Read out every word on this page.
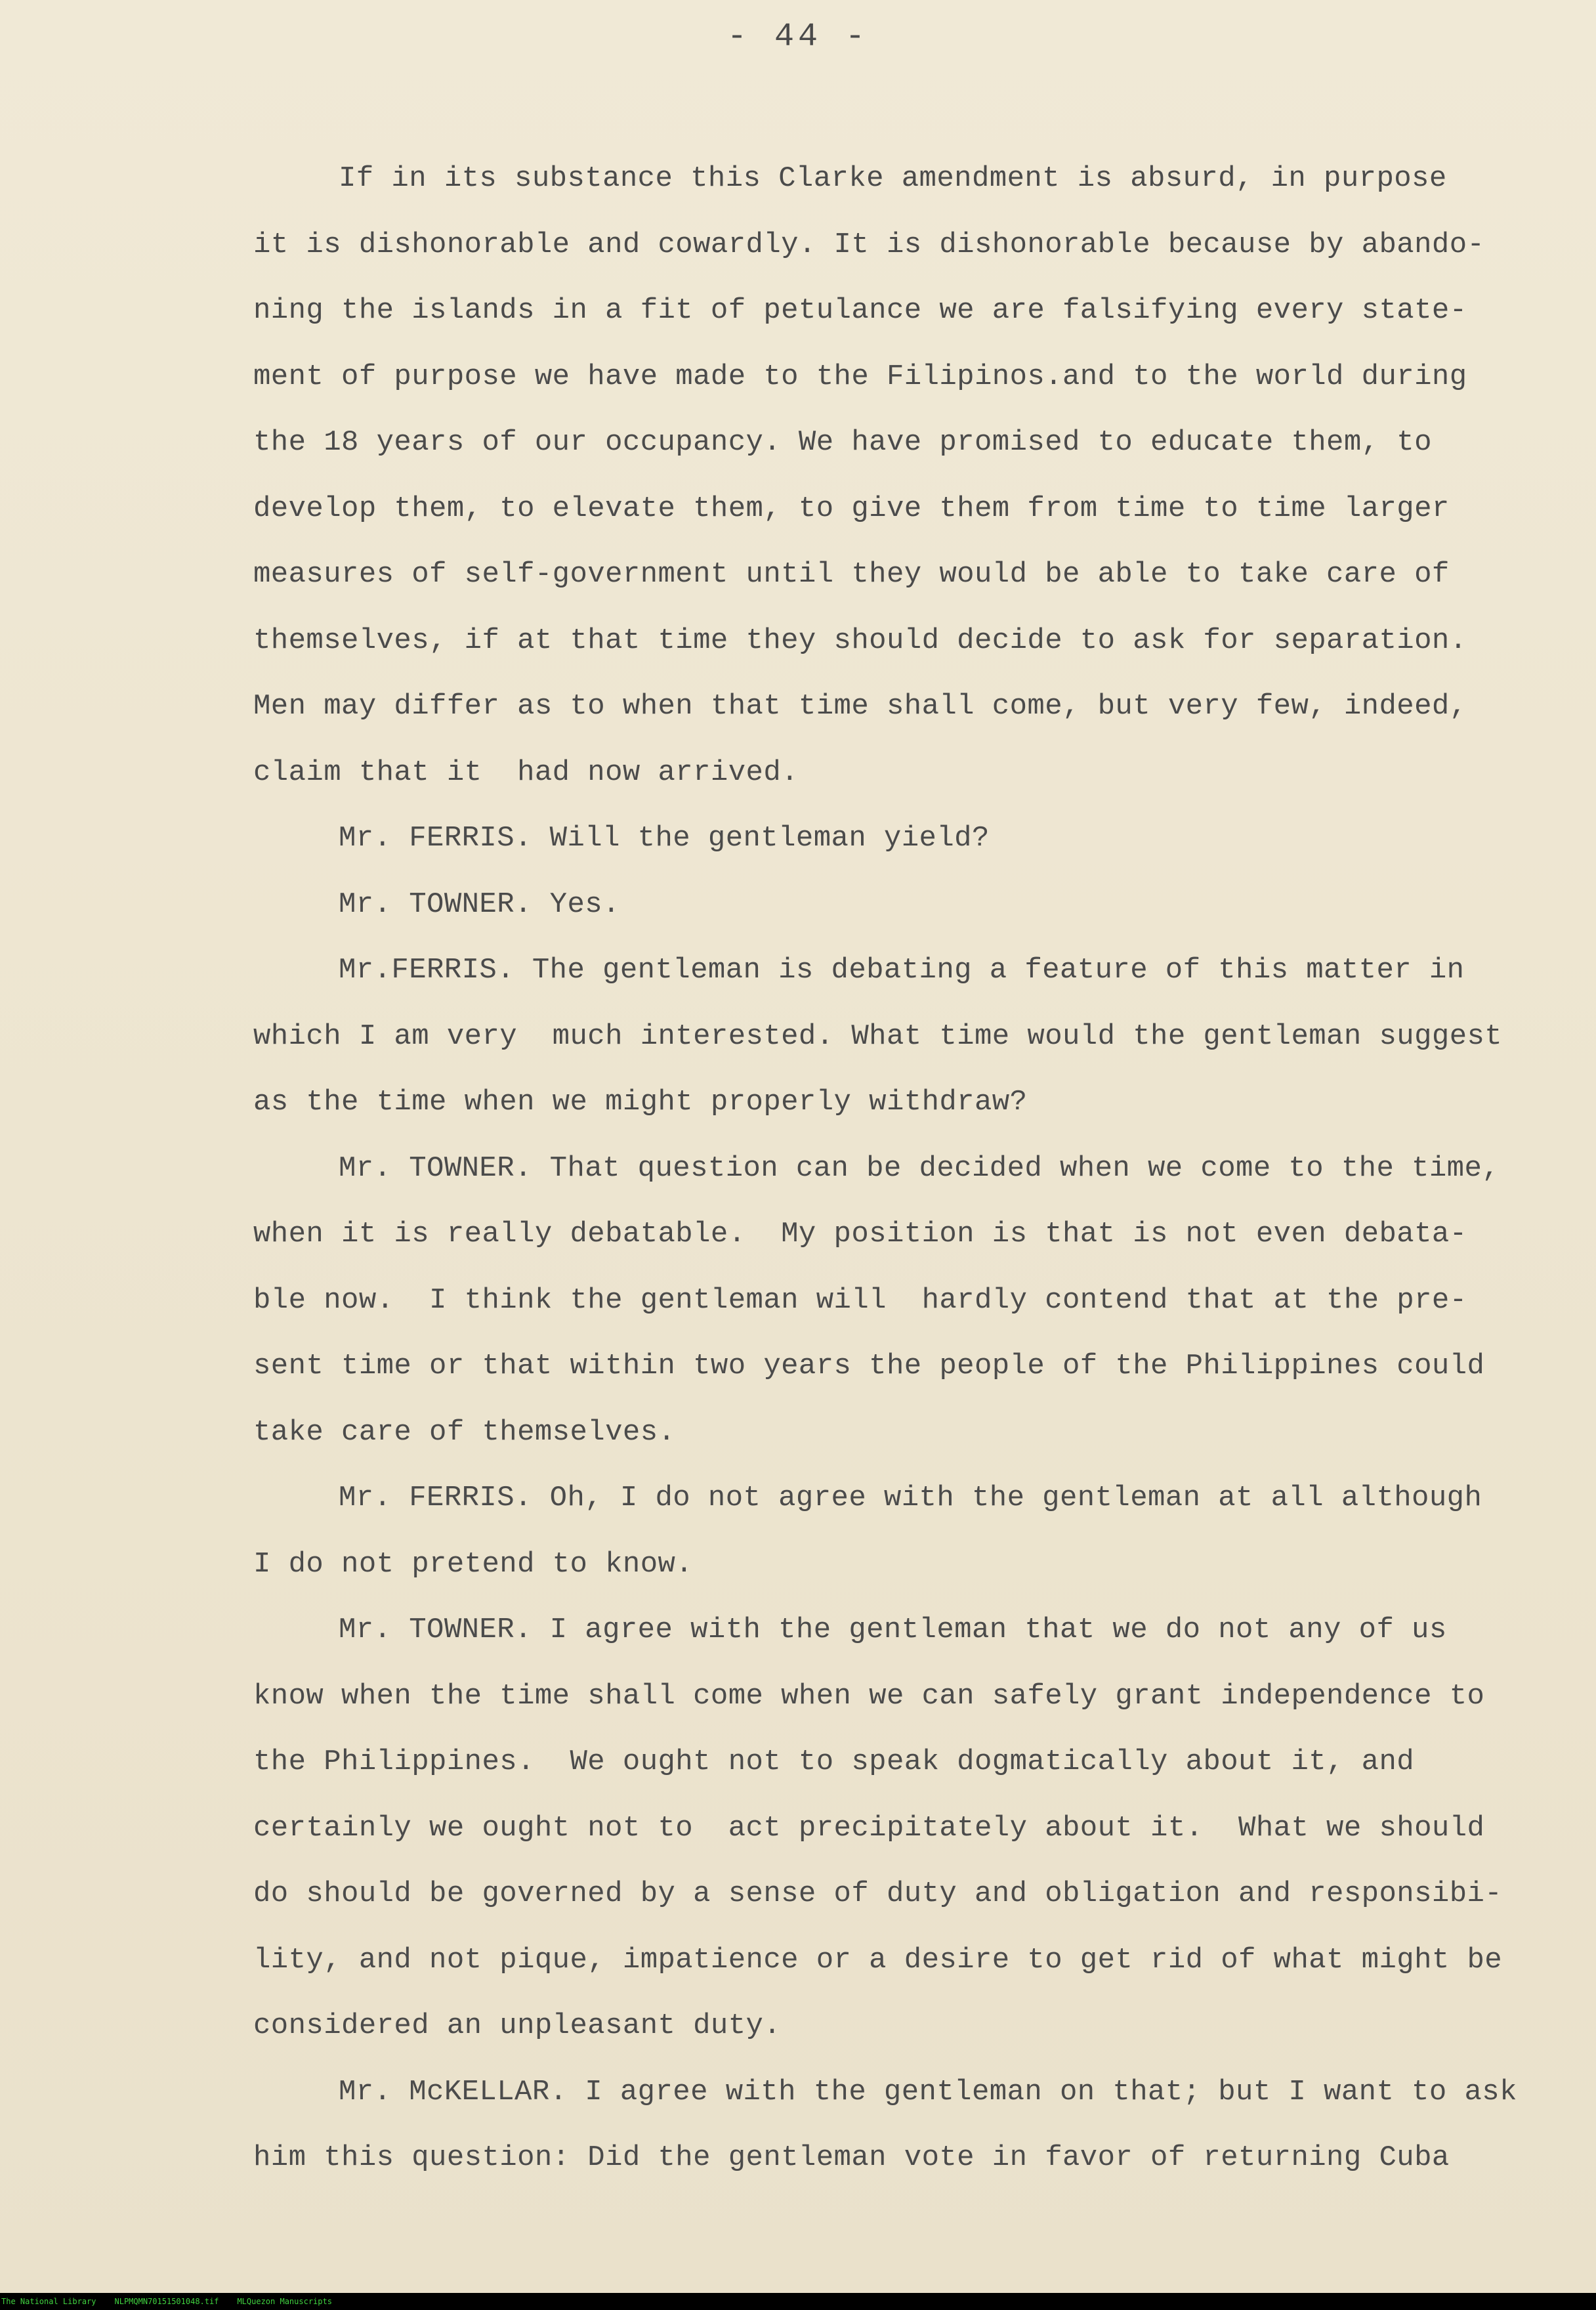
- 44 -
If in its substance this Clarke amendment is absurd, in purpose
it is dishonorable and cowardly. It is dishonorable because by abando-
ning the islands in a fit of petulance we are falsifying every state-
ment of purpose we have made to the Filipinos.and to the world during
the 18 years of our occupancy. We have promised to educate them, to
develop them, to elevate them, to give them from time to time larger
measures of self-government until they would be able to take care of
themselves, if at that time they should decide to ask for separation.
Men may differ as to when that time shall come, but very few, indeed,
claim that it  had now arrived.
Mr. FERRIS. Will the gentleman yield?
Mr. TOWNER. Yes.
Mr.FERRIS. The gentleman is debating a feature of this matter in
which I am very  much interested. What time would the gentleman suggest
as the time when we might properly withdraw?
Mr. TOWNER. That question can be decided when we come to the time,
when it is really debatable.  My position is that is not even debata-
ble now.  I think the gentleman will  hardly contend that at the pre-
sent time or that within two years the people of the Philippines could
take care of themselves.
Mr. FERRIS. Oh, I do not agree with the gentleman at all although
I do not pretend to know.
Mr. TOWNER. I agree with the gentleman that we do not any of us
know when the time shall come when we can safely grant independence to
the Philippines.  We ought not to speak dogmatically about it, and
certainly we ought not to  act precipitately about it.  What we should
do should be governed by a sense of duty and obligation and responsibi-
lity, and not pique, impatience or a desire to get rid of what might be
considered an unpleasant duty.
Mr. McKELLAR. I agree with the gentleman on that; but I want to ask
him this question: Did the gentleman vote in favor of returning Cuba
The National Library NLPMQMN70151501048.tif MLQuezon Manuscripts
